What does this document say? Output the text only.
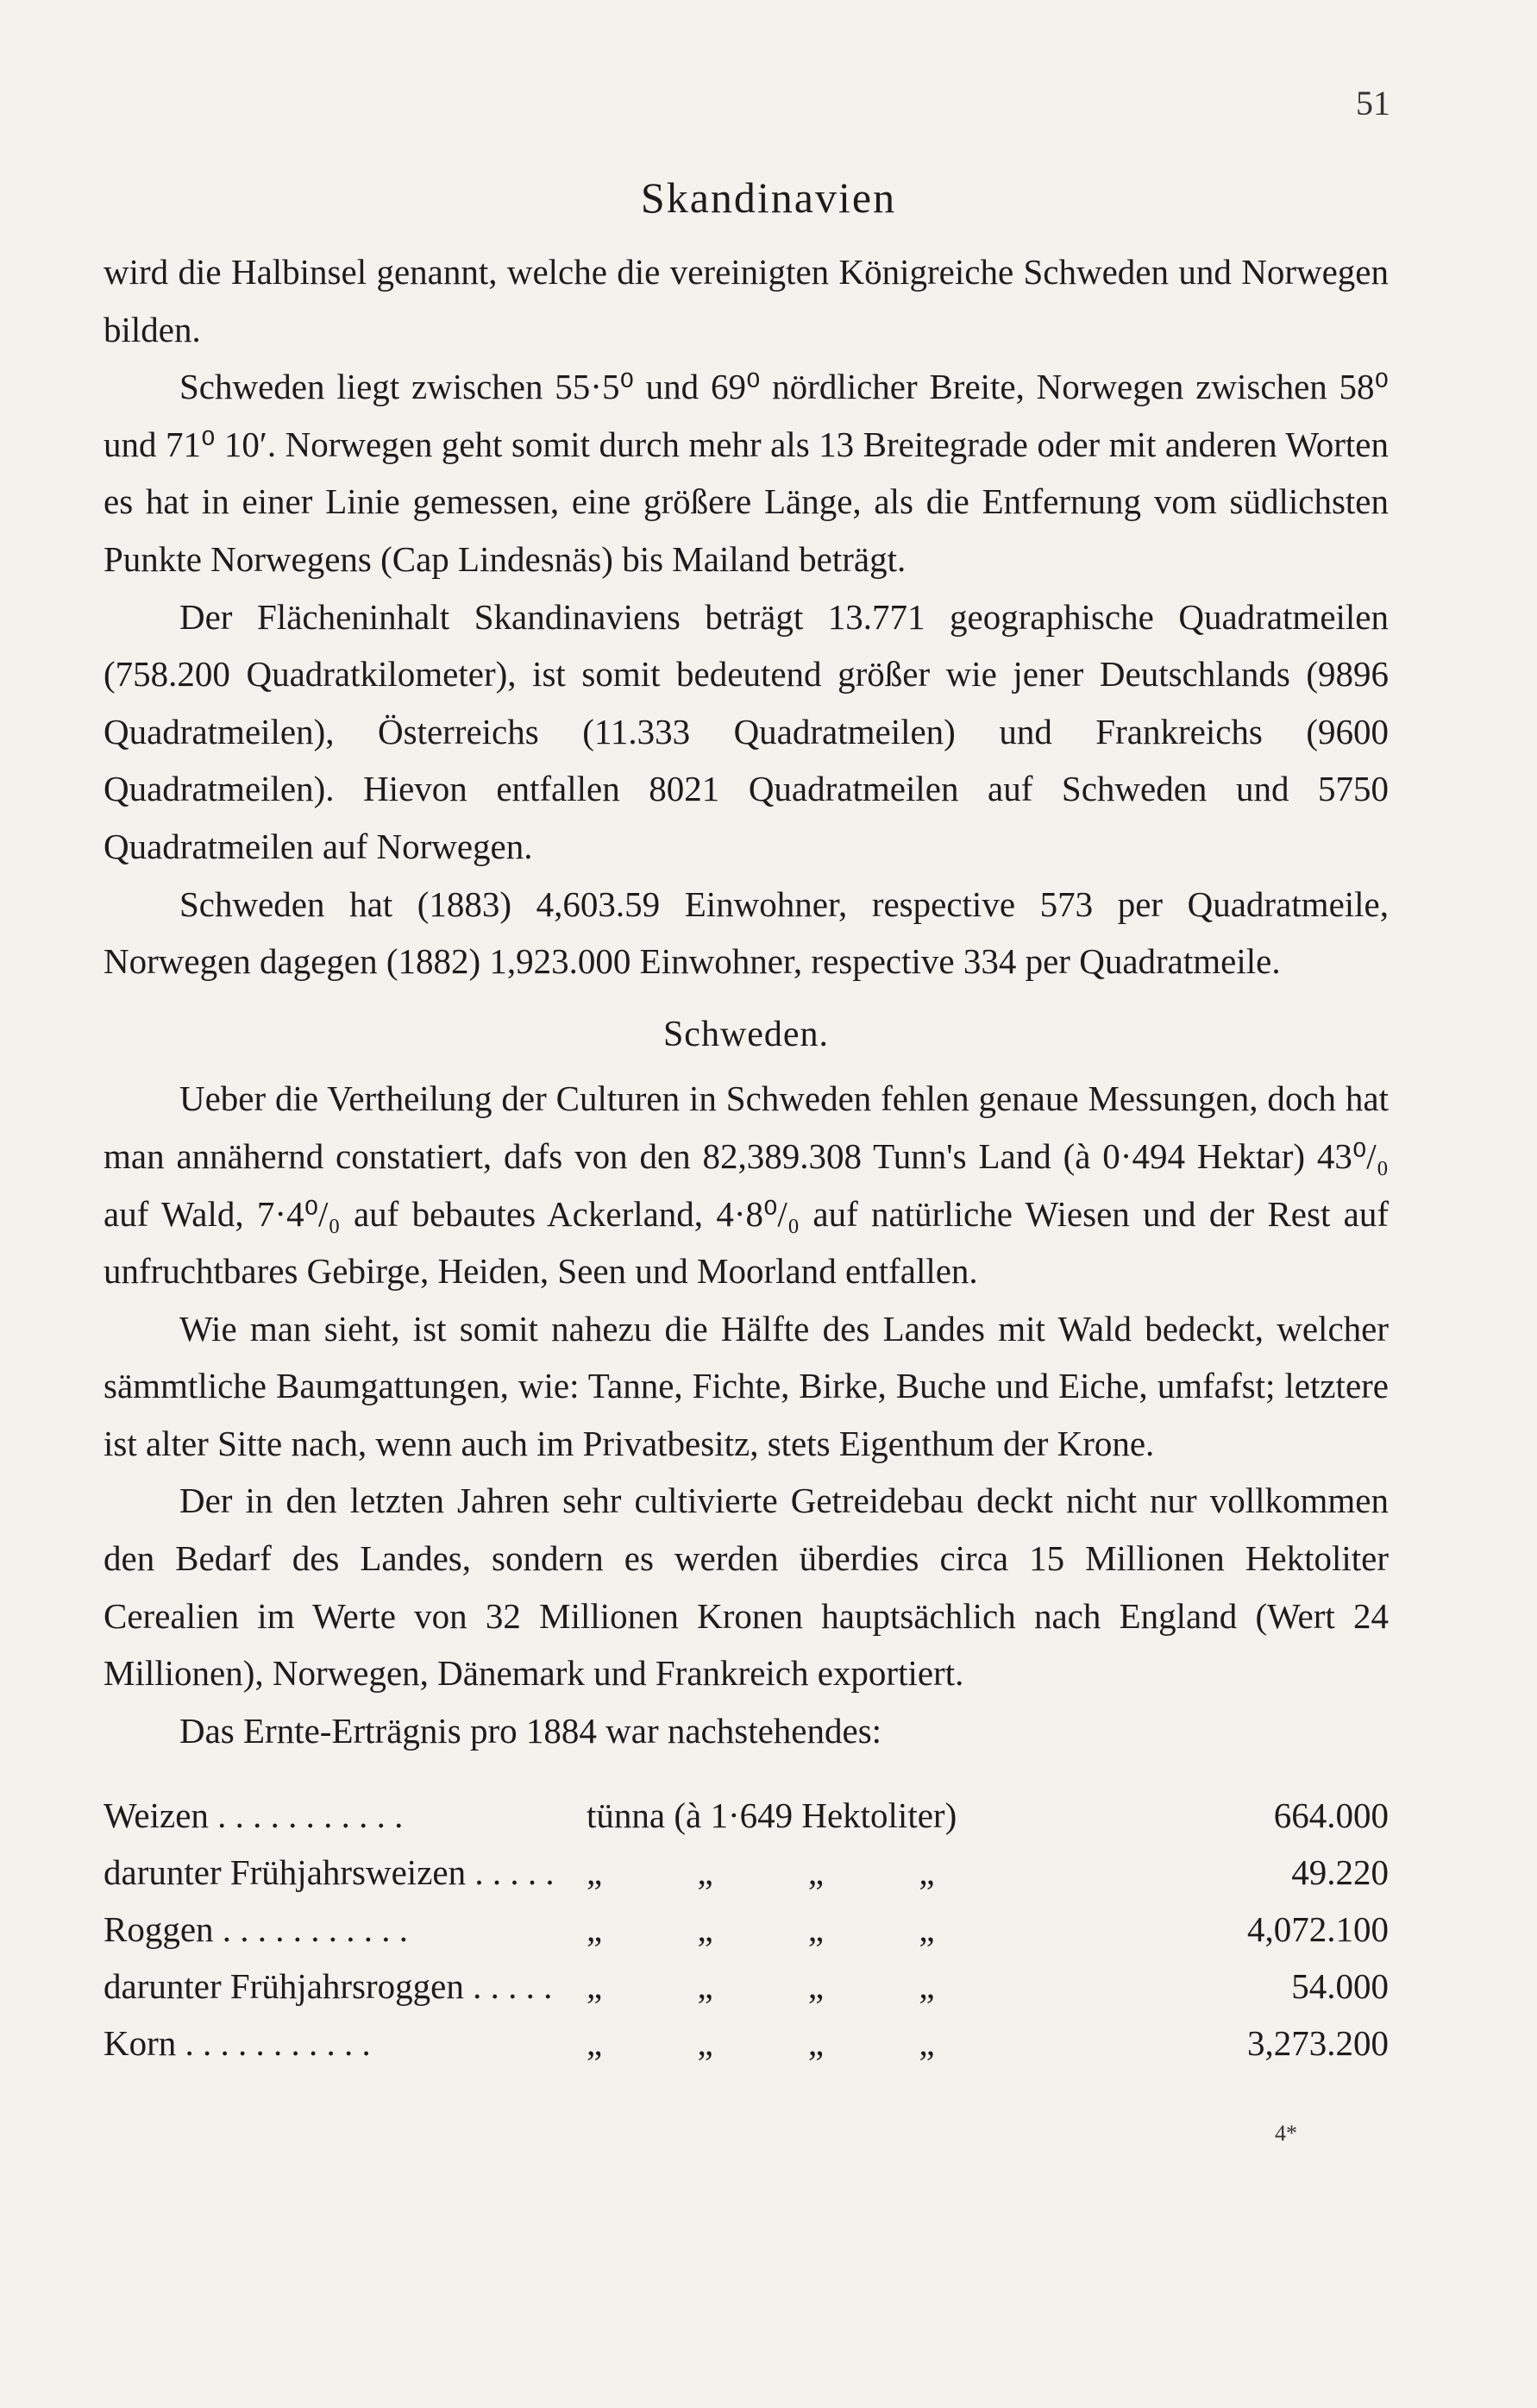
51
Skandinavien

wird die Halbinsel genannt, welche die vereinigten Königreiche Schweden und Norwegen bilden.

Schweden liegt zwischen 55·5⁰ und 69⁰ nördlicher Breite, Norwegen zwischen 58⁰ und 71⁰ 10′. Norwegen geht somit durch mehr als 13 Breitegrade oder mit anderen Worten es hat in einer Linie gemessen, eine größere Länge, als die Entfernung vom südlichsten Punkte Norwegens (Cap Lindesnäs) bis Mailand beträgt.

Der Flächeninhalt Skandinaviens beträgt 13.771 geographische Quadratmeilen (758.200 Quadratkilometer), ist somit bedeutend größer wie jener Deutschlands (9896 Quadratmeilen), Österreichs (11.333 Quadratmeilen) und Frankreichs (9600 Quadratmeilen). Hievon entfallen 8021 Quadratmeilen auf Schweden und 5750 Quadratmeilen auf Norwegen.

Schweden hat (1883) 4,603.59 Einwohner, respective 573 per Quadratmeile, Norwegen dagegen (1882) 1,923.000 Einwohner, respective 334 per Quadratmeile.

Schweden.

Ueber die Vertheilung der Culturen in Schweden fehlen genaue Messungen, doch hat man annähernd constatiert, dafs von den 82,389.308 Tunn's Land (à 0·494 Hektar) 43⁰/₀ auf Wald, 7·4⁰/₀ auf bebautes Ackerland, 4·8⁰/₀ auf natürliche Wiesen und der Rest auf unfruchtbares Gebirge, Heiden, Seen und Moorland entfallen.

Wie man sieht, ist somit nahezu die Hälfte des Landes mit Wald bedeckt, welcher sämmtliche Baumgattungen, wie: Tanne, Fichte, Birke, Buche und Eiche, umfafst; letztere ist alter Sitte nach, wenn auch im Privatbesitz, stets Eigenthum der Krone.

Der in den letzten Jahren sehr cultivierte Getreidebau deckt nicht nur vollkommen den Bedarf des Landes, sondern es werden überdies circa 15 Millionen Hektoliter Cerealien im Werte von 32 Millionen Kronen hauptsächlich nach England (Wert 24 Millionen), Norwegen, Dänemark und Frankreich exportiert.

Das Ernte-Erträgnis pro 1884 war nachstehendes:

Weizen . . . . . . . . . . .	tünna (à 1·649 Hektoliter)	664.000
darunter Frühjahrsweizen . . . . . „ „ „ „	49.220
Roggen . . . . . . . . . . .	„ „ „ „	4,072.100
darunter Frühjahrsroggen . . . . . „ „ „ „	54.000
Korn . . . . . . . . . . .	„ „ „ „	3,273.200
4*
